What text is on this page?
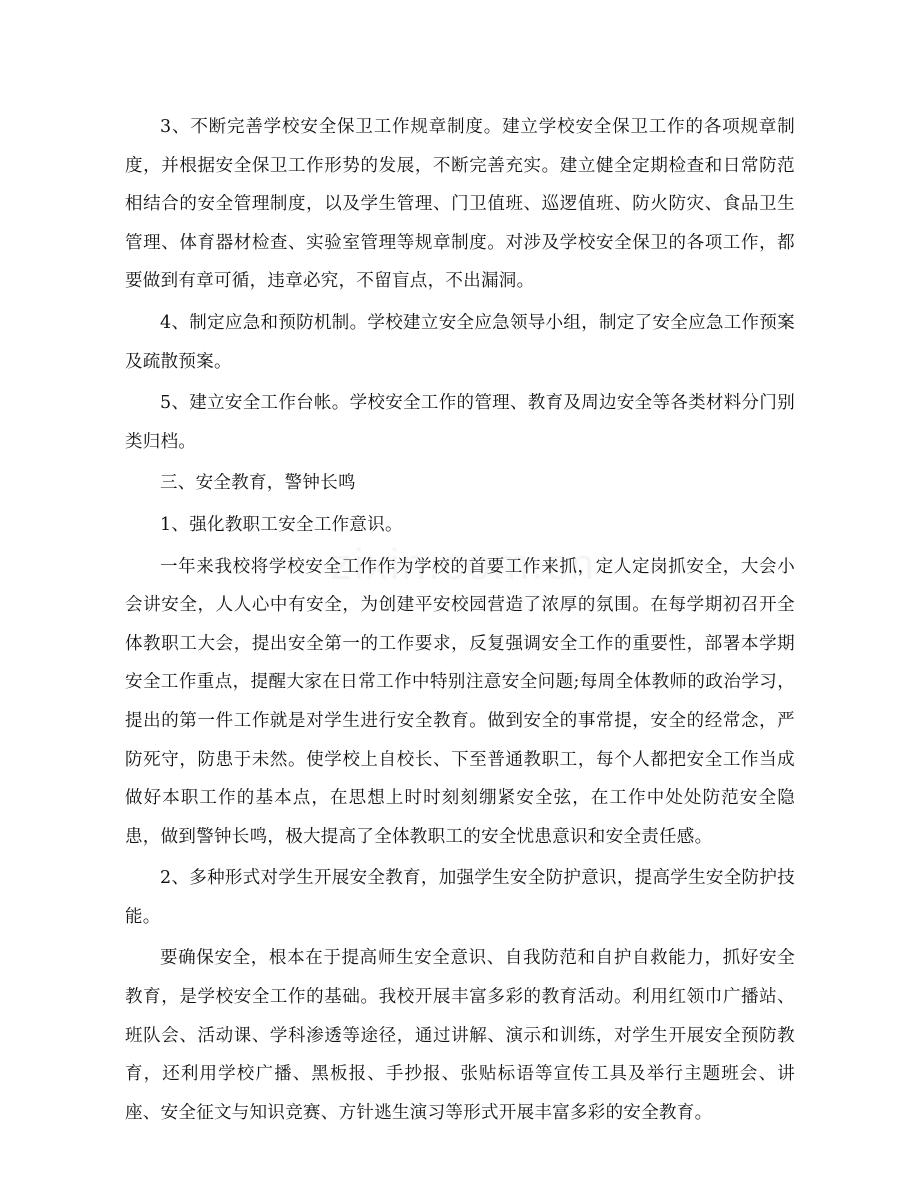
3、不断完善学校安全保卫工作规章制度。建立学校安全保卫工作的各项规章制度，并根据安全保卫工作形势的发展，不断完善充实。建立健全定期检查和日常防范相结合的安全管理制度，以及学生管理、门卫值班、巡逻值班、防火防灾、食品卫生管理、体育器材检查、实验室管理等规章制度。对涉及学校安全保卫的各项工作，都要做到有章可循，违章必究，不留盲点，不出漏洞。

4、制定应急和预防机制。学校建立安全应急领导小组，制定了安全应急工作预案及疏散预案。

5、建立安全工作台帐。学校安全工作的管理、教育及周边安全等各类材料分门别类归档。

三、安全教育，警钟长鸣

1、强化教职工安全工作意识。

一年来我校将学校安全工作作为学校的首要工作来抓，定人定岗抓安全，大会小会讲安全，人人心中有安全，为创建平安校园营造了浓厚的氛围。在每学期初召开全体教职工大会，提出安全第一的工作要求，反复强调安全工作的重要性，部署本学期安全工作重点，提醒大家在日常工作中特别注意安全问题;每周全体教师的政治学习，提出的第一件工作就是对学生进行安全教育。做到安全的事常提，安全的经常念，严防死守，防患于未然。使学校上自校长、下至普通教职工，每个人都把安全工作当成做好本职工作的基本点，在思想上时时刻刻绷紧安全弦，在工作中处处防范安全隐患，做到警钟长鸣，极大提高了全体教职工的安全忧患意识和安全责任感。

2、多种形式对学生开展安全教育，加强学生安全防护意识，提高学生安全防护技能。

要确保安全，根本在于提高师生安全意识、自我防范和自护自救能力，抓好安全教育，是学校安全工作的基础。我校开展丰富多彩的教育活动。利用红领巾广播站、班队会、活动课、学科渗透等途径，通过讲解、演示和训练，对学生开展安全预防教育，还利用学校广播、黑板报、手抄报、张贴标语等宣传工具及举行主题班会、讲座、安全征文与知识竞赛、方针逃生演习等形式开展丰富多彩的安全教育。
